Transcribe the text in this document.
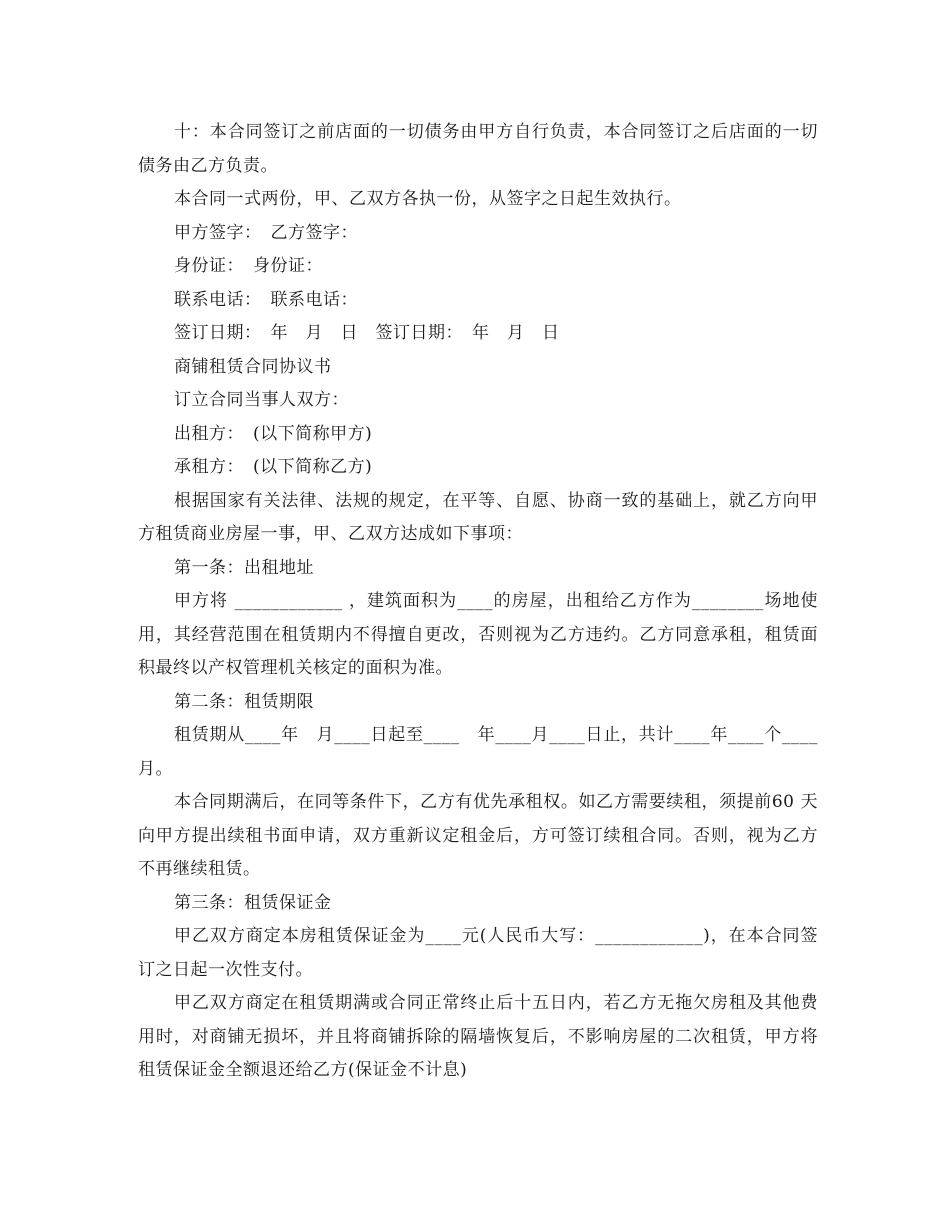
十：本合同签订之前店面的一切债务由甲方自行负责，本合同签订之后店面的一切债务由乙方负责。

本合同一式两份，甲、乙双方各执一份，从签字之日起生效执行。

甲方签字：　乙方签字：

身份证：　身份证：

联系电话：　联系电话：

签订日期：　年　月　日　签订日期：　年　月　日

商铺租赁合同协议书

订立合同当事人双方：

出租方：　(以下简称甲方)

承租方：　(以下简称乙方)

根据国家有关法律、法规的规定，在平等、自愿、协商一致的基础上，就乙方向甲方租赁商业房屋一事，甲、乙双方达成如下事项：

第一条：出租地址

甲方将 ____________ ，建筑面积为____的房屋，出租给乙方作为________场地使用，其经营范围在租赁期内不得擅自更改，否则视为乙方违约。乙方同意承租，租赁面积最终以产权管理机关核定的面积为准。

第二条：租赁期限

租赁期从____年　月____日起至____　年____月____日止，共计____年____个____月。

本合同期满后，在同等条件下，乙方有优先承租权。如乙方需要续租，须提前60 天向甲方提出续租书面申请，双方重新议定租金后，方可签订续租合同。否则，视为乙方不再继续租赁。

第三条：租赁保证金

甲乙双方商定本房租赁保证金为____元(人民币大写：____________)，在本合同签订之日起一次性支付。

甲乙双方商定在租赁期满或合同正常终止后十五日内，若乙方无拖欠房租及其他费用时，对商铺无损坏，并且将商铺拆除的隔墙恢复后，不影响房屋的二次租赁，甲方将租赁保证金全额退还给乙方(保证金不计息)
